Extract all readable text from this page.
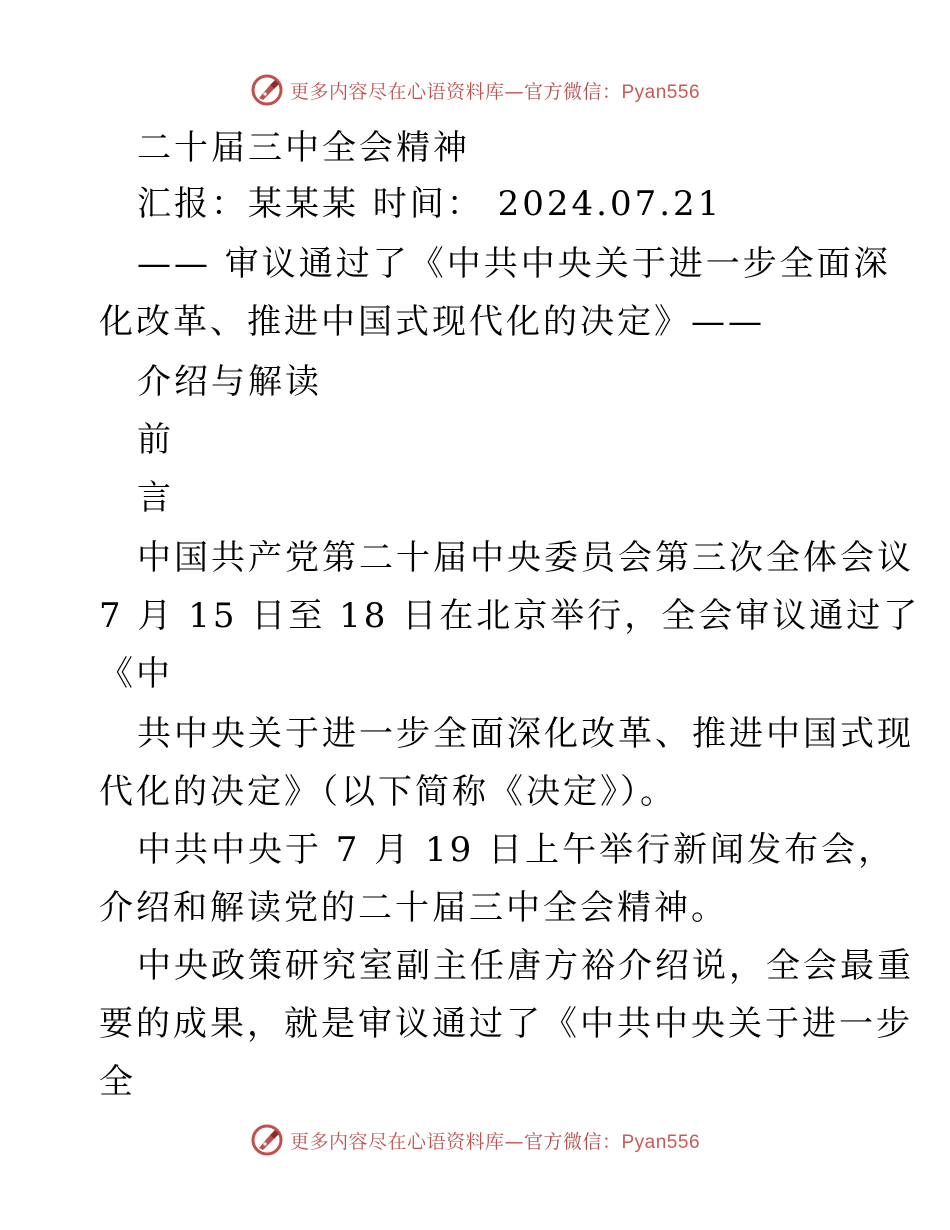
更多内容尽在心语资料库—官方微信：Pyan556
二十届三中全会精神
汇报：某某某 时间： 2024.07.21
—— 审议通过了《中共中央关于进一步全面深
化改革、推进中国式现代化的决定》——
介绍与解读
前
言
中国共产党第二十届中央委员会第三次全体会议
7 月 15 日至 18 日在北京举行，全会审议通过了
《中
共中央关于进一步全面深化改革、推进中国式现
代化的决定》（以下简称《决定》）。
中共中央于 7 月 19 日上午举行新闻发布会，
介绍和解读党的二十届三中全会精神。
中央政策研究室副主任唐方裕介绍说，全会最重
要的成果，就是审议通过了《中共中央关于进一步
全
更多内容尽在心语资料库—官方微信：Pyan556
